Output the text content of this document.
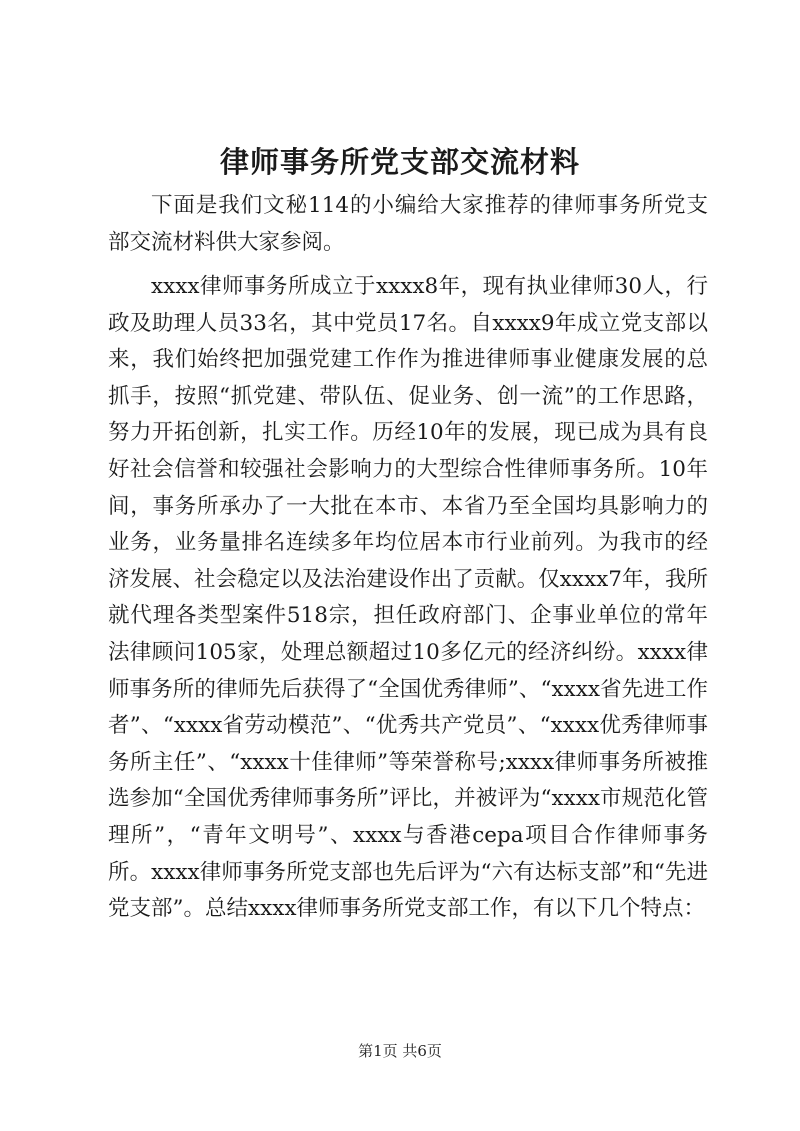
律师事务所党支部交流材料

下面是我们文秘114的小编给大家推荐的律师事务所党支部交流材料供大家参阅。

xxxx律师事务所成立于xxxx8年，现有执业律师30人，行政及助理人员33名，其中党员17名。自xxxx9年成立党支部以来，我们始终把加强党建工作作为推进律师事业健康发展的总抓手，按照“抓党建、带队伍、促业务、创一流”的工作思路，努力开拓创新，扎实工作。历经10年的发展，现已成为具有良好社会信誉和较强社会影响力的大型综合性律师事务所。10年间，事务所承办了一大批在本市、本省乃至全国均具影响力的业务，业务量排名连续多年均位居本市行业前列。为我市的经济发展、社会稳定以及法治建设作出了贡献。仅xxxx7年，我所就代理各类型案件518宗，担任政府部门、企事业单位的常年法律顾问105家，处理总额超过10多亿元的经济纠纷。xxxx律师事务所的律师先后获得了“全国优秀律师”、“xxxx省先进工作者”、“xxxx省劳动模范”、“优秀共产党员”、“xxxx优秀律师事务所主任”、“xxxx十佳律师”等荣誉称号;xxxx律师事务所被推选参加“全国优秀律师事务所”评比，并被评为“xxxx市规范化管理所”，“青年文明号”、xxxx与香港cepa项目合作律师事务所。xxxx律师事务所党支部也先后评为“六有达标支部”和“先进党支部”。总结xxxx律师事务所党支部工作，有以下几个特点：

第1页 共6页
